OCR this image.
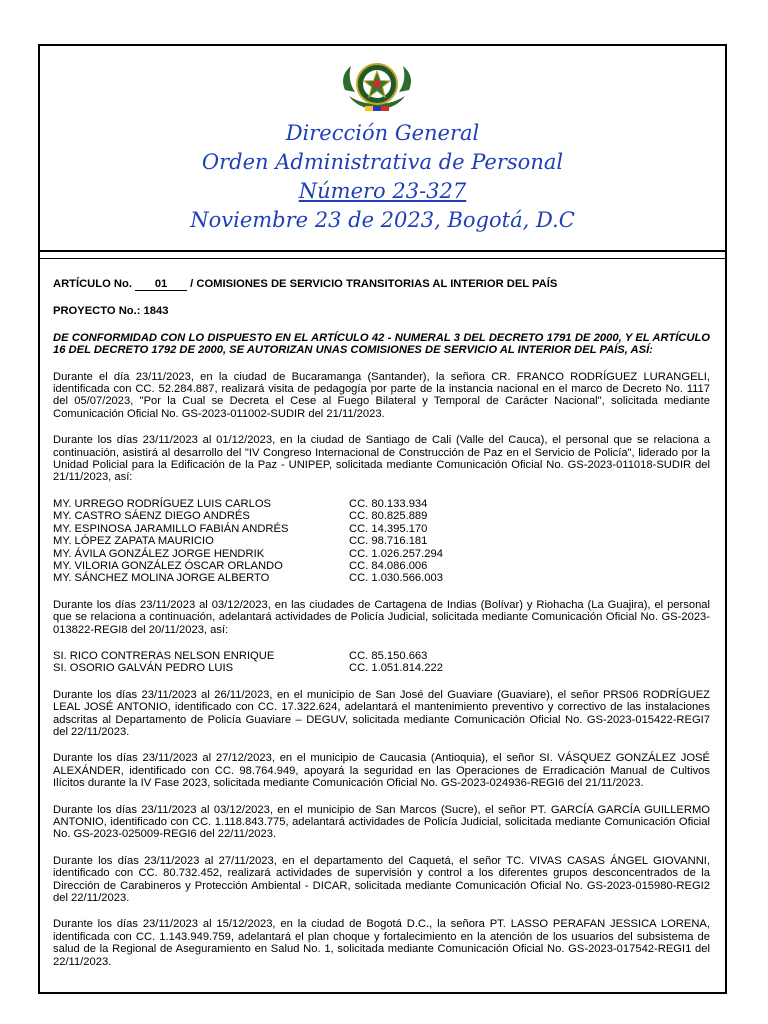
Dirección General
Orden Administrativa de Personal
Número 23-327
Noviembre 23 de 2023, Bogotá, D.C

ARTÍCULO No. 01 / COMISIONES DE SERVICIO TRANSITORIAS AL INTERIOR DEL PAÍS

PROYECTO No.: 1843

DE CONFORMIDAD CON LO DISPUESTO EN EL ARTÍCULO 42 - NUMERAL 3 DEL DECRETO 1791 DE 2000, Y EL ARTÍCULO 16 DEL DECRETO 1792 DE 2000, SE AUTORIZAN UNAS COMISIONES DE SERVICIO AL INTERIOR DEL PAÍS, ASÍ:

Durante el día 23/11/2023, en la ciudad de Bucaramanga (Santander), la señora CR. FRANCO RODRÍGUEZ LURANGELI, identificada con CC. 52.284.887, realizará visita de pedagogía por parte de la instancia nacional en el marco de Decreto No. 1117 del 05/07/2023, "Por la Cual se Decreta el Cese al Fuego Bilateral y Temporal de Carácter Nacional", solicitada mediante Comunicación Oficial No. GS-2023-011002-SUDIR del 21/11/2023.

Durante los días 23/11/2023 al 01/12/2023, en la ciudad de Santiago de Cali (Valle del Cauca), el personal que se relaciona a continuación, asistirá al desarrollo del "IV Congreso Internacional de Construcción de Paz en el Servicio de Policía", liderado por la Unidad Policial para la Edificación de la Paz - UNIPEP, solicitada mediante Comunicación Oficial No. GS-2023-011018-SUDIR del 21/11/2023, así:

MY. URREGO RODRÍGUEZ LUIS CARLOS	CC. 80.133.934
MY. CASTRO SÁENZ DIEGO ANDRÉS	CC. 80.825.889
MY. ESPINOSA JARAMILLO FABIÁN ANDRÉS	CC. 14.395.170
MY. LÓPEZ ZAPATA MAURICIO	CC. 98.716.181
MY. ÁVILA GONZÁLEZ JORGE HENDRIK	CC. 1.026.257.294
MY. VILORIA GONZÁLEZ ÓSCAR ORLANDO	CC. 84.086.006
MY. SÁNCHEZ MOLINA JORGE ALBERTO	CC. 1.030.566.003

Durante los días 23/11/2023 al 03/12/2023, en las ciudades de Cartagena de Indias (Bolívar) y Riohacha (La Guajira), el personal que se relaciona a continuación, adelantará actividades de Policía Judicial, solicitada mediante Comunicación Oficial No. GS-2023-013822-REGI8 del 20/11/2023, así:

SI. RICO CONTRERAS NELSON ENRIQUE	CC. 85.150.663
SI. OSORIO GALVÁN PEDRO LUIS	CC. 1.051.814.222

Durante los días 23/11/2023 al 26/11/2023, en el municipio de San José del Guaviare (Guaviare), el señor PRS06 RODRÍGUEZ LEAL JOSÉ ANTONIO, identificado con CC. 17.322.624, adelantará el mantenimiento preventivo y correctivo de las instalaciones adscritas al Departamento de Policía Guaviare – DEGUV, solicitada mediante Comunicación Oficial No. GS-2023-015422-REGI7 del 22/11/2023.

Durante los días 23/11/2023 al 27/12/2023, en el municipio de Caucasia (Antioquia), el señor SI. VÁSQUEZ GONZÁLEZ JOSÉ ALEXÁNDER, identificado con CC. 98.764.949, apoyará la seguridad en las Operaciones de Erradicación Manual de Cultivos Ilícitos durante la IV Fase 2023, solicitada mediante Comunicación Oficial No. GS-2023-024936-REGI6 del 21/11/2023.

Durante los días 23/11/2023 al 03/12/2023, en el municipio de San Marcos (Sucre), el señor PT. GARCÍA GARCÍA GUILLERMO ANTONIO, identificado con CC. 1.118.843.775, adelantará actividades de Policía Judicial, solicitada mediante Comunicación Oficial No. GS-2023-025009-REGI6 del 22/11/2023.

Durante los días 23/11/2023 al 27/11/2023, en el departamento del Caquetá, el señor TC. VIVAS CASAS ÁNGEL GIOVANNI, identificado con CC. 80.732.452, realizará actividades de supervisión y control a los diferentes grupos desconcentrados de la Dirección de Carabineros y Protección Ambiental - DICAR, solicitada mediante Comunicación Oficial No. GS-2023-015980-REGI2 del 22/11/2023.

Durante los días 23/11/2023 al 15/12/2023, en la ciudad de Bogotá D.C., la señora PT. LASSO PERAFAN JESSICA LORENA, identificada con CC. 1.143.949.759, adelantará el plan choque y fortalecimiento en la atención de los usuarios del subsistema de salud de la Regional de Aseguramiento en Salud No. 1, solicitada mediante Comunicación Oficial No. GS-2023-017542-REGI1 del 22/11/2023.
